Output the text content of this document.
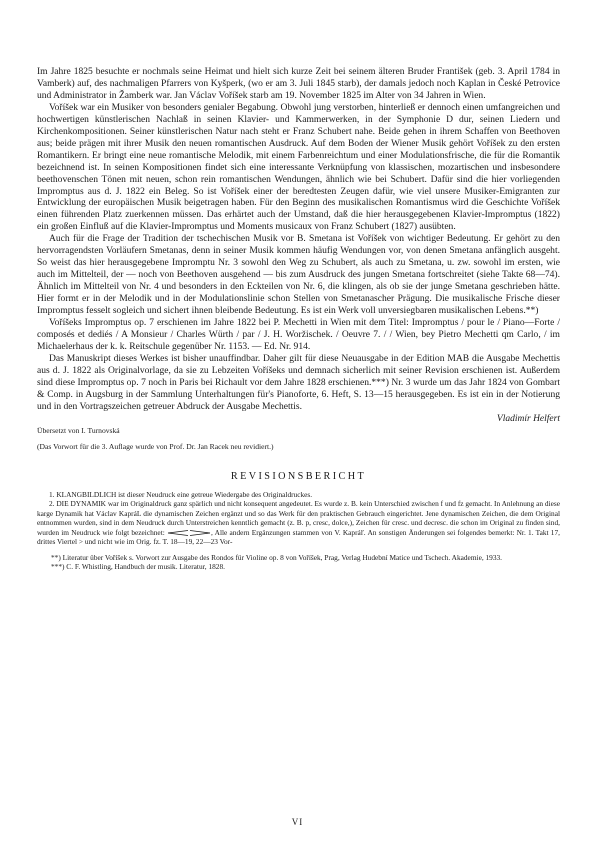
Im Jahre 1825 besuchte er nochmals seine Heimat und hielt sich kurze Zeit bei seinem älteren Bruder František (geb. 3. April 1784 in Vamberk) auf, des nachmaligen Pfarrers von Kyšperk, (wo er am 3. Juli 1845 starb), der damals jedoch noch Kaplan in České Petrovice und Administrator in Žamberk war. Jan Václav Voříšek starb am 19. November 1825 im Alter von 34 Jahren in Wien.

Voříšek war ein Musiker von besonders genialer Begabung. Obwohl jung verstorben, hinterließ er dennoch einen umfangreichen und hochwertigen künstlerischen Nachlaß in seinen Klavier- und Kammerwerken, in der Symphonie D dur, seinen Liedern und Kirchenkompositionen. Seiner künstlerischen Natur nach steht er Franz Schubert nahe. Beide gehen in ihrem Schaffen von Beethoven aus; beide prägen mit ihrer Musik den neuen romantischen Ausdruck. Auf dem Boden der Wiener Musik gehört Voříšek zu den ersten Romantikern. Er bringt eine neue romantische Melodik, mit einem Farbenreichtum und einer Modulationsfrische, die für die Romantik bezeichnend ist. In seinen Kompositionen findet sich eine interessante Verknüpfung von klassischen, mozartischen und insbesondere beethovenschen Tönen mit neuen, schon rein romantischen Wendungen, ähnlich wie bei Schubert. Dafür sind die hier vorliegenden Impromptus aus d. J. 1822 ein Beleg. So ist Voříšek einer der beredtesten Zeugen dafür, wie viel unsere Musiker-Emigranten zur Entwicklung der europäischen Musik beigetragen haben. Für den Beginn des musikalischen Romantismus wird die Geschichte Voříšek einen führenden Platz zuerkennen müssen. Das erhärtet auch der Umstand, daß die hier herausgegebenen Klavier-Impromptus (1822) ein großen Einfluß auf die Klavier-Impromptus und Moments musicaux von Franz Schubert (1827) ausübten.

Auch für die Frage der Tradition der tschechischen Musik vor B. Smetana ist Voříšek von wichtiger Bedeutung. Er gehört zu den hervorragendsten Vorläufern Smetanas, denn in seiner Musik kommen häufig Wendungen vor, von denen Smetana anfänglich ausgeht. So weist das hier herausgegebene Impromptu Nr. 3 sowohl den Weg zu Schubert, als auch zu Smetana, u. zw. sowohl im ersten, wie auch im Mittelteil, der — noch von Beethoven ausgehend — bis zum Ausdruck des jungen Smetana fortschreitet (siehe Takte 68—74). Ähnlich im Mittelteil von Nr. 4 und besonders in den Eckteilen von Nr. 6, die klingen, als ob sie der junge Smetana geschrieben hätte. Hier formt er in der Melodik und in der Modulationslinie schon Stellen von Smetanascher Prägung. Die musikalische Frische dieser Impromptus fesselt sogleich und sichert ihnen bleibende Bedeutung. Es ist ein Werk voll unversiegbaren musikalischen Lebens.**)

Voříšeks Impromptus op. 7 erschienen im Jahre 1822 bei P. Mechetti in Wien mit dem Titel: Impromptus / pour le / Piano—Forte / composés et dediés / A Monsieur / Charles Würth / par / J. H. Woržischek. / Oeuvre 7. / / Wien, bey Pietro Mechetti qm Carlo, / im Michaelerhaus der k. k. Reitschule gegenüber Nr. 1153. — Ed. Nr. 914.

Das Manuskript dieses Werkes ist bisher unauffindbar. Daher gilt für diese Neuausgabe in der Edition MAB die Ausgabe Mechettis aus d. J. 1822 als Originalvorlage, da sie zu Lebzeiten Voříšeks und demnach sicherlich mit seiner Revision erschienen ist. Außerdem sind diese Impromptus op. 7 noch in Paris bei Richault vor dem Jahre 1828 erschienen.***) Nr. 3 wurde um das Jahr 1824 von Gombart & Comp. in Augsburg in der Sammlung Unterhaltungen für's Pianoforte, 6. Heft, S. 13—15 herausgegeben. Es ist ein in der Notierung und in den Vortragszeichen getreuer Abdruck der Ausgabe Mechettis.

Vladimír Helfert

Übersetzt von I. Turnovská

(Das Vorwort für die 3. Auflage wurde von Prof. Dr. Jan Racek neu revidiert.)

REVISIONSBERICHT

1. KLANGBILDLICH ist dieser Neudruck eine getreue Wiedergabe des Originaldruckes.

2. DIE DYNAMIK war im Originaldruck ganz spärlich und nicht konsequent angedeutet. Es wurde z. B. kein Unterschied zwischen f und fz gemacht. In Anlehnung an diese karge Dynamik hat Václav KapráL die dynamischen Zeichen ergänzt und so das Werk für den praktischen Gebrauch eingerichtet. Jene dynamischen Zeichen, die dem Original entnommen wurden, sind in dem Neudruck durch Unterstreichen kenntlich gemacht (z. B. p, cresc, dolce,), Zeichen für cresc. und decresc. die schon im Original zu finden sind, wurden im Neudruck wie folgt bezeichnet:	, Alle andern Ergänzungen stammen von V. Kapráľ. An sonstigen Änderungen sei folgendes bemerkt: Nr. 1. Takt 17, drittes Viertel > und nicht wie im Orig. fz. T. 18—19, 22—23 Vor-

**) Literatur über Voříšek s. Vorwort zur Ausgabe des Rondos für Violine op. 8 von Voříšek, Prag, Verlag Hudební Matice und Tschech. Akademie, 1933.

***) C. F. Whistling, Handbuch der musik. Literatur, 1828.

VI
